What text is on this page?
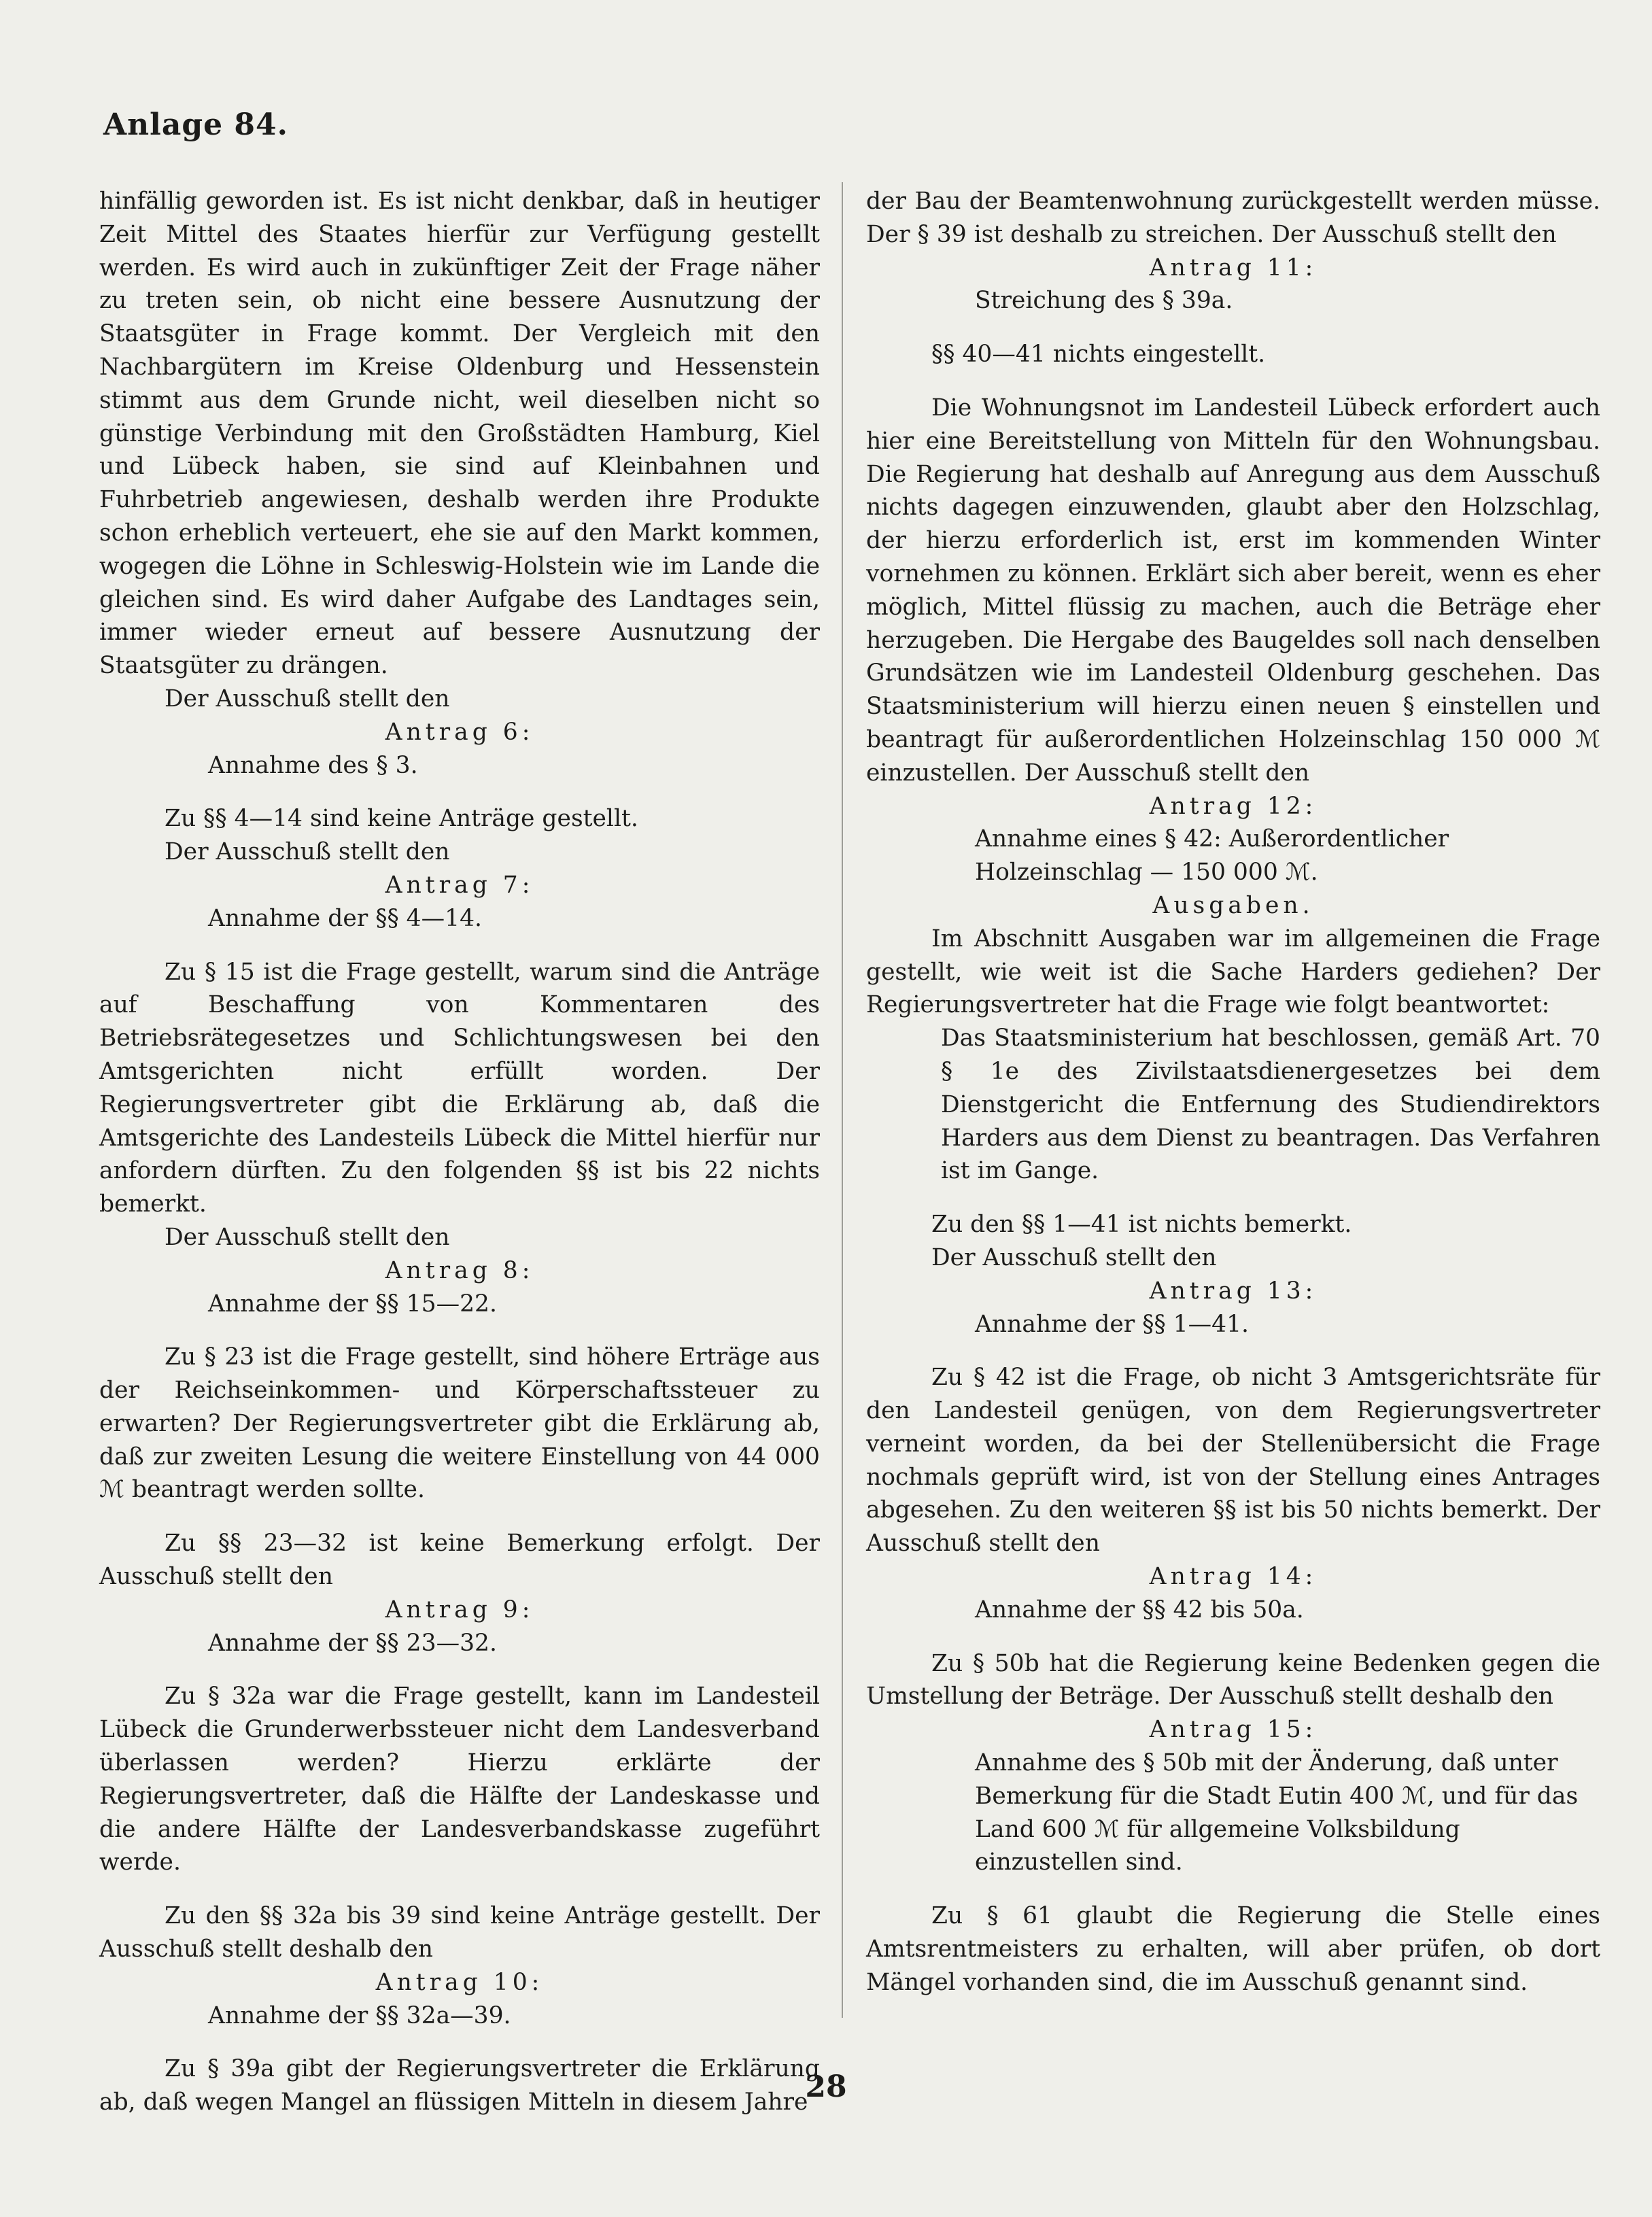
Anlage 84.

hinfällig geworden ist. Es ist nicht denkbar, daß in heutiger Zeit Mittel des Staates hierfür zur Verfügung gestellt werden. Es wird auch in zukünftiger Zeit der Frage näher zu treten sein, ob nicht eine bessere Ausnutzung der Staatsgüter in Frage kommt. Der Vergleich mit den Nachbargütern im Kreise Oldenburg und Hessenstein stimmt aus dem Grunde nicht, weil dieselben nicht so günstige Verbindung mit den Großstädten Hamburg, Kiel und Lübeck haben, sie sind auf Kleinbahnen und Fuhrbetrieb angewiesen, deshalb werden ihre Produkte schon erheblich verteuert, ehe sie auf den Markt kommen, wogegen die Löhne in Schleswig-Holstein wie im Lande die gleichen sind. Es wird daher Aufgabe des Landtages sein, immer wieder erneut auf bessere Ausnutzung der Staatsgüter zu drängen.

Der Ausschuß stellt den

Antrag 6:

Annahme des § 3.

Zu §§ 4—14 sind keine Anträge gestellt.

Der Ausschuß stellt den

Antrag 7:

Annahme der §§ 4—14.

Zu § 15 ist die Frage gestellt, warum sind die Anträge auf Beschaffung von Kommentaren des Betriebsrätegesetzes und Schlichtungswesen bei den Amtsgerichten nicht erfüllt worden. Der Regierungsvertreter gibt die Erklärung ab, daß die Amtsgerichte des Landesteils Lübeck die Mittel hierfür nur anfordern dürften. Zu den folgenden §§ ist bis 22 nichts bemerkt.

Der Ausschuß stellt den

Antrag 8:

Annahme der §§ 15—22.

Zu § 23 ist die Frage gestellt, sind höhere Erträge aus der Reichseinkommen- und Körperschaftssteuer zu erwarten? Der Regierungsvertreter gibt die Erklärung ab, daß zur zweiten Lesung die weitere Einstellung von 44 000 ℳ beantragt werden sollte.

Zu §§ 23—32 ist keine Bemerkung erfolgt. Der Ausschuß stellt den

Antrag 9:

Annahme der §§ 23—32.

Zu § 32a war die Frage gestellt, kann im Landesteil Lübeck die Grunderwerbssteuer nicht dem Landesverband überlassen werden? Hierzu erklärte der Regierungsvertreter, daß die Hälfte der Landeskasse und die andere Hälfte der Landesverbandskasse zugeführt werde.

Zu den §§ 32a bis 39 sind keine Anträge gestellt. Der Ausschuß stellt deshalb den

Antrag 10:

Annahme der §§ 32a—39.

Zu § 39a gibt der Regierungsvertreter die Erklärung ab, daß wegen Mangel an flüssigen Mitteln in diesem Jahre

der Bau der Beamtenwohnung zurückgestellt werden müsse. Der § 39 ist deshalb zu streichen. Der Ausschuß stellt den

Antrag 11:

Streichung des § 39a.

§§ 40—41 nichts eingestellt.

Die Wohnungsnot im Landesteil Lübeck erfordert auch hier eine Bereitstellung von Mitteln für den Wohnungsbau. Die Regierung hat deshalb auf Anregung aus dem Ausschuß nichts dagegen einzuwenden, glaubt aber den Holzschlag, der hierzu erforderlich ist, erst im kommenden Winter vornehmen zu können. Erklärt sich aber bereit, wenn es eher möglich, Mittel flüssig zu machen, auch die Beträge eher herzugeben. Die Hergabe des Baugeldes soll nach denselben Grundsätzen wie im Landesteil Oldenburg geschehen. Das Staatsministerium will hierzu einen neuen § einstellen und beantragt für außerordentlichen Holzeinschlag 150 000 ℳ einzustellen. Der Ausschuß stellt den

Antrag 12:

Annahme eines § 42: Außerordentlicher Holzeinschlag — 150 000 ℳ.

Ausgaben.

Im Abschnitt Ausgaben war im allgemeinen die Frage gestellt, wie weit ist die Sache Harders gediehen? Der Regierungsvertreter hat die Frage wie folgt beantwortet:

Das Staatsministerium hat beschlossen, gemäß Art. 70 § 1e des Zivilstaatsdienergesetzes bei dem Dienstgericht die Entfernung des Studiendirektors Harders aus dem Dienst zu beantragen. Das Verfahren ist im Gange.

Zu den §§ 1—41 ist nichts bemerkt.

Der Ausschuß stellt den

Antrag 13:

Annahme der §§ 1—41.

Zu § 42 ist die Frage, ob nicht 3 Amtsgerichtsräte für den Landesteil genügen, von dem Regierungsvertreter verneint worden, da bei der Stellenübersicht die Frage nochmals geprüft wird, ist von der Stellung eines Antrages abgesehen. Zu den weiteren §§ ist bis 50 nichts bemerkt. Der Ausschuß stellt den

Antrag 14:

Annahme der §§ 42 bis 50a.

Zu § 50b hat die Regierung keine Bedenken gegen die Umstellung der Beträge. Der Ausschuß stellt deshalb den

Antrag 15:

Annahme des § 50b mit der Änderung, daß unter Bemerkung für die Stadt Eutin 400 ℳ, und für das Land 600 ℳ für allgemeine Volksbildung einzustellen sind.

Zu § 61 glaubt die Regierung die Stelle eines Amtsrentmeisters zu erhalten, will aber prüfen, ob dort Mängel vorhanden sind, die im Ausschuß genannt sind.

28
